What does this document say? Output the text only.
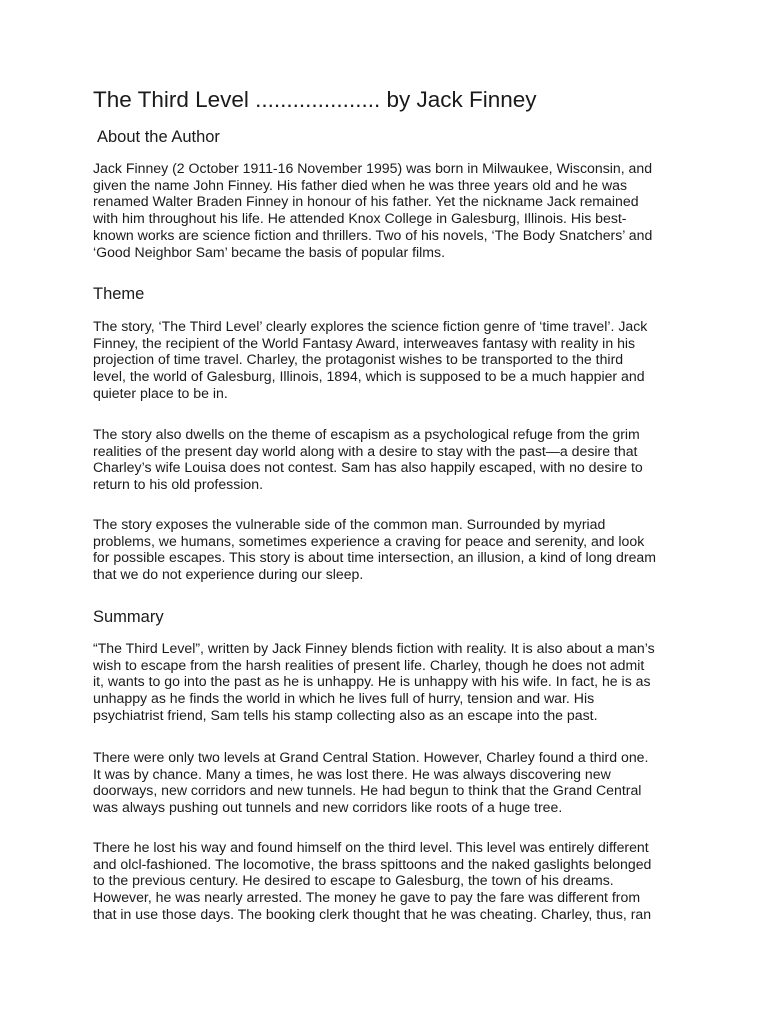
The Third Level .................... by Jack Finney
About the Author

Jack Finney (2 October 1911-16 November 1995) was born in Milwaukee, Wisconsin, and
given the name John Finney. His father died when he was three years old and he was
renamed Walter Braden Finney in honour of his father. Yet the nickname Jack remained
with him throughout his life. He attended Knox College in Galesburg, Illinois. His best-
known works are science fiction and thrillers. Two of his novels, ‘The Body Snatchers’ and
‘Good Neighbor Sam’ became the basis of popular films.

Theme

The story, ‘The Third Level’ clearly explores the science fiction genre of ‘time travel’. Jack
Finney, the recipient of the World Fantasy Award, interweaves fantasy with reality in his
projection of time travel. Charley, the protagonist wishes to be transported to the third
level, the world of Galesburg, Illinois, 1894, which is supposed to be a much happier and
quieter place to be in.

The story also dwells on the theme of escapism as a psychological refuge from the grim
realities of the present day world along with a desire to stay with the past—a desire that
Charley’s wife Louisa does not contest. Sam has also happily escaped, with no desire to
return to his old profession.

The story exposes the vulnerable side of the common man. Surrounded by myriad
problems, we humans, sometimes experience a craving for peace and serenity, and look
for possible escapes. This story is about time intersection, an illusion, a kind of long dream
that we do not experience during our sleep.

Summary

“The Third Level”, written by Jack Finney blends fiction with reality. It is also about a man’s
wish to escape from the harsh realities of present life. Charley, though he does not admit
it, wants to go into the past as he is unhappy. He is unhappy with his wife. In fact, he is as
unhappy as he finds the world in which he lives full of hurry, tension and war. His
psychiatrist friend, Sam tells his stamp collecting also as an escape into the past.

There were only two levels at Grand Central Station. However, Charley found a third one.
It was by chance. Many a times, he was lost there. He was always discovering new
doorways, new corridors and new tunnels. He had begun to think that the Grand Central
was always pushing out tunnels and new corridors like roots of a huge tree.

There he lost his way and found himself on the third level. This level was entirely different
and olcl-fashioned. The locomotive, the brass spittoons and the naked gaslights belonged
to the previous century. He desired to escape to Galesburg, the town of his dreams.
However, he was nearly arrested. The money he gave to pay the fare was different from
that in use those days. The booking clerk thought that he was cheating. Charley, thus, ran
